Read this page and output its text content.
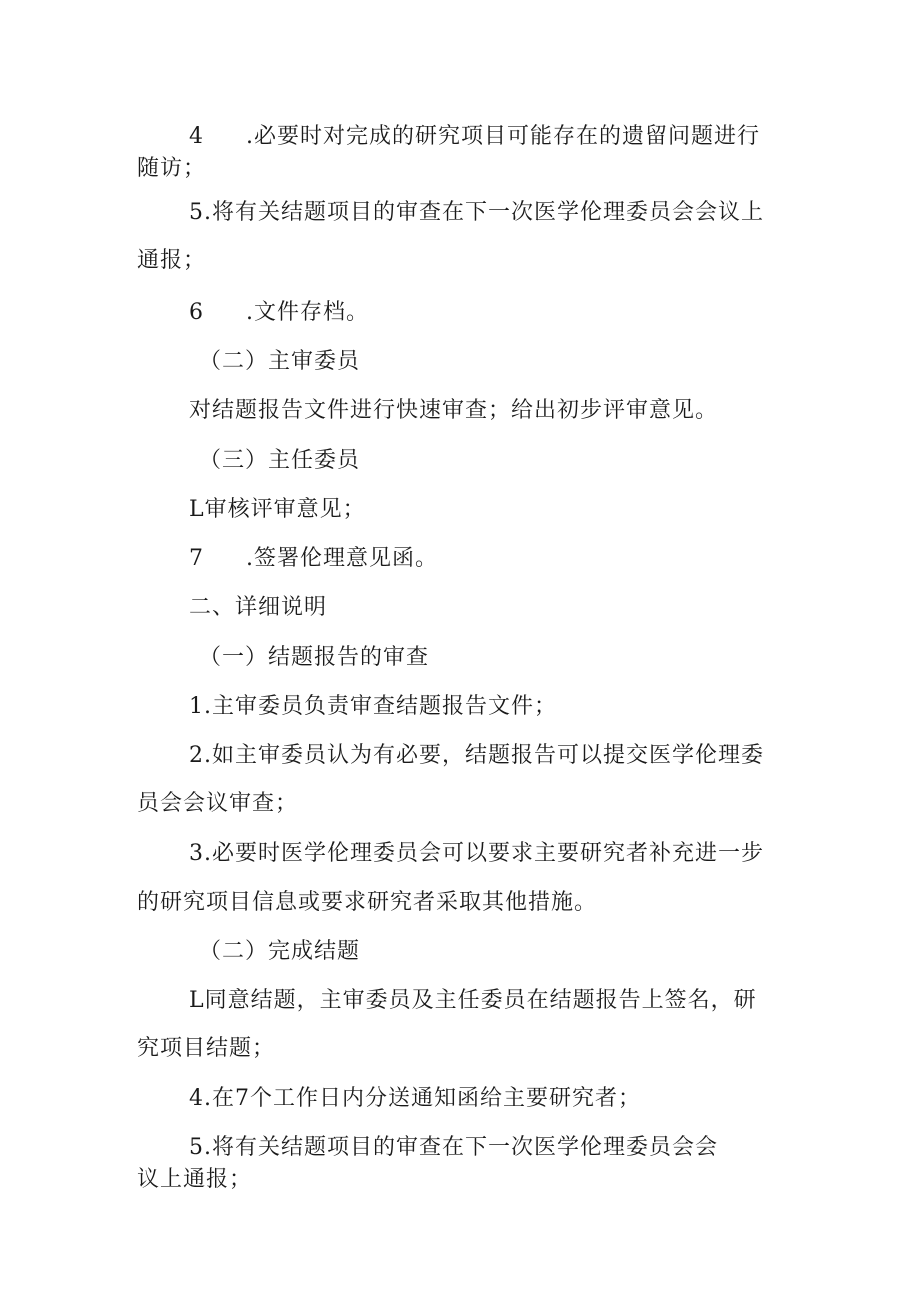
4 .必要时对完成的研究项目可能存在的遗留问题进行
随访；
5.将有关结题项目的审查在下一次医学伦理委员会会议上
通报；
6 .文件存档。
（二）主审委员
对结题报告文件进行快速审查；给出初步评审意见。
（三）主任委员
L审核评审意见；
7 .签署伦理意见函。
二、详细说明
（一）结题报告的审查
1.主审委员负责审查结题报告文件；
2.如主审委员认为有必要，结题报告可以提交医学伦理委
员会会议审查；
3.必要时医学伦理委员会可以要求主要研究者补充进一步
的研究项目信息或要求研究者采取其他措施。
（二）完成结题
L同意结题，主审委员及主任委员在结题报告上签名，研
究项目结题；
4.在7个工作日内分送通知函给主要研究者；
5.将有关结题项目的审查在下一次医学伦理委员会会
议上通报；
